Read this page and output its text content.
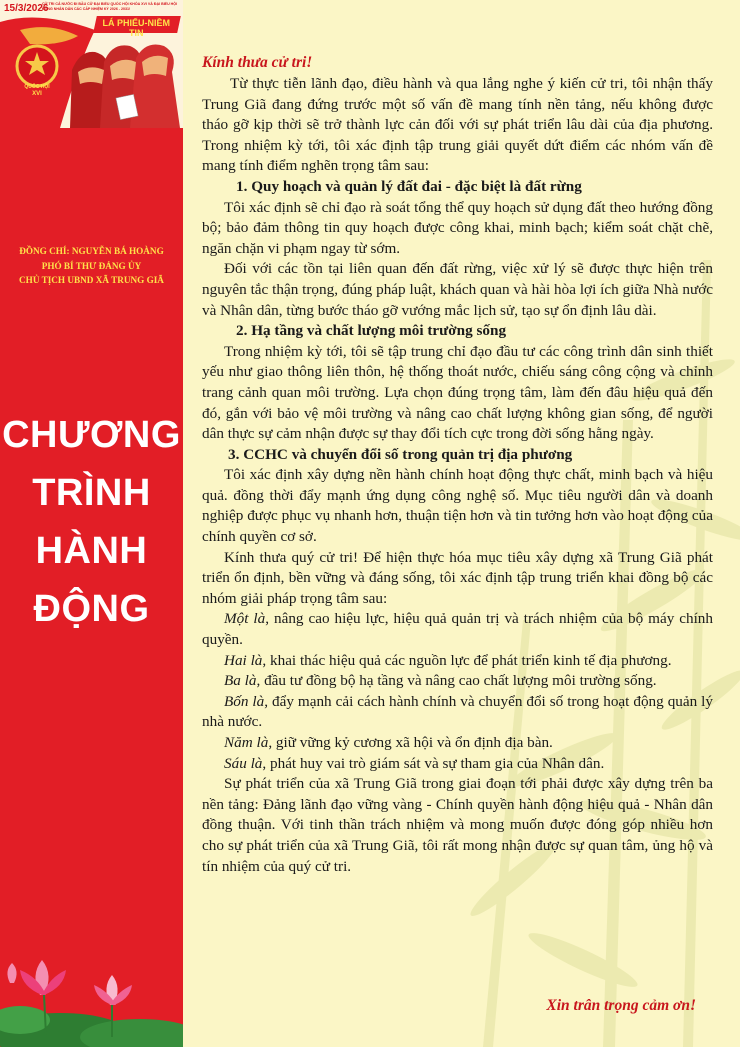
15/3/2026
CỬ TRI CẢ NƯỚC ĐI BẦU CỬ ĐẠI BIỂU QUỐC HỘI KHÓA XVI VÀ ĐẠI BIỂU HỘI ĐỒNG NHÂN DÂN CÁC CẤP NHIỆM KỲ 2026 - 2031!
LÁ PHIẾU-NIỀM TIN
QUỐC HỘI
XVI
ĐỒNG CHÍ: NGUYỄN BÁ HOÀNG
PHÓ BÍ THƯ ĐẢNG ỦY
CHỦ TỊCH UBND XÃ TRUNG GIÃ
CHƯƠNG
TRÌNH
HÀNH
ĐỘNG
Kính thưa cử tri!

Từ thực tiễn lãnh đạo, điều hành và qua lắng nghe ý kiến cử tri, tôi nhận thấy Trung Giã đang đứng trước một số vấn đề mang tính nền tảng, nếu không được tháo gỡ kịp thời sẽ trở thành lực cản đối với sự phát triển lâu dài của địa phương. Trong nhiệm kỳ tới, tôi xác định tập trung giải quyết dứt điểm các nhóm vấn đề mang tính điểm nghẽn trọng tâm sau:

1. Quy hoạch và quản lý đất đai - đặc biệt là đất rừng

Tôi xác định sẽ chỉ đạo rà soát tổng thể quy hoạch sử dụng đất theo hướng đồng bộ; bảo đảm thông tin quy hoạch được công khai, minh bạch; kiểm soát chặt chẽ, ngăn chặn vi phạm ngay từ sớm.

Đối với các tồn tại liên quan đến đất rừng, việc xử lý sẽ được thực hiện trên nguyên tắc thận trọng, đúng pháp luật, khách quan và hài hòa lợi ích giữa Nhà nước và Nhân dân, từng bước tháo gỡ vướng mắc lịch sử, tạo sự ổn định lâu dài.

2. Hạ tầng và chất lượng môi trường sống

Trong nhiệm kỳ tới, tôi sẽ tập trung chỉ đạo đầu tư các công trình dân sinh thiết yếu như giao thông liên thôn, hệ thống thoát nước, chiếu sáng công cộng và chỉnh trang cảnh quan môi trường. Lựa chọn đúng trọng tâm, làm đến đâu hiệu quả đến đó, gắn với bảo vệ môi trường và nâng cao chất lượng không gian sống, để người dân thực sự cảm nhận được sự thay đổi tích cực trong đời sống hằng ngày.

3. CCHC và chuyển đổi số trong quản trị địa phương

Tôi xác định xây dựng nền hành chính hoạt động thực chất, minh bạch và hiệu quả. đồng thời đẩy mạnh ứng dụng công nghệ số. Mục tiêu người dân và doanh nghiệp được phục vụ nhanh hơn, thuận tiện hơn và tin tưởng hơn vào hoạt động của chính quyền cơ sở.

Kính thưa quý cử tri! Để hiện thực hóa mục tiêu xây dựng xã Trung Giã phát triển ổn định, bền vững và đáng sống, tôi xác định tập trung triển khai đồng bộ các nhóm giải pháp trọng tâm sau:

Một là, nâng cao hiệu lực, hiệu quả quản trị và trách nhiệm của bộ máy chính quyền.

Hai là, khai thác hiệu quả các nguồn lực để phát triển kinh tế địa phương.

Ba là, đầu tư đồng bộ hạ tầng và nâng cao chất lượng môi trường sống.

Bốn là, đẩy mạnh cải cách hành chính và chuyển đổi số trong hoạt động quản lý nhà nước.

Năm là, giữ vững kỷ cương xã hội và ổn định địa bàn.

Sáu là, phát huy vai trò giám sát và sự tham gia của Nhân dân.

Sự phát triển của xã Trung Giã trong giai đoạn tới phải được xây dựng trên ba nền tảng: Đảng lãnh đạo vững vàng - Chính quyền hành động hiệu quả - Nhân dân đồng thuận. Với tinh thần trách nhiệm và mong muốn được đóng góp nhiều hơn cho sự phát triển của xã Trung Giã, tôi rất mong nhận được sự quan tâm, ủng hộ và tín nhiệm của quý cử tri.

Xin trân trọng cảm ơn!
